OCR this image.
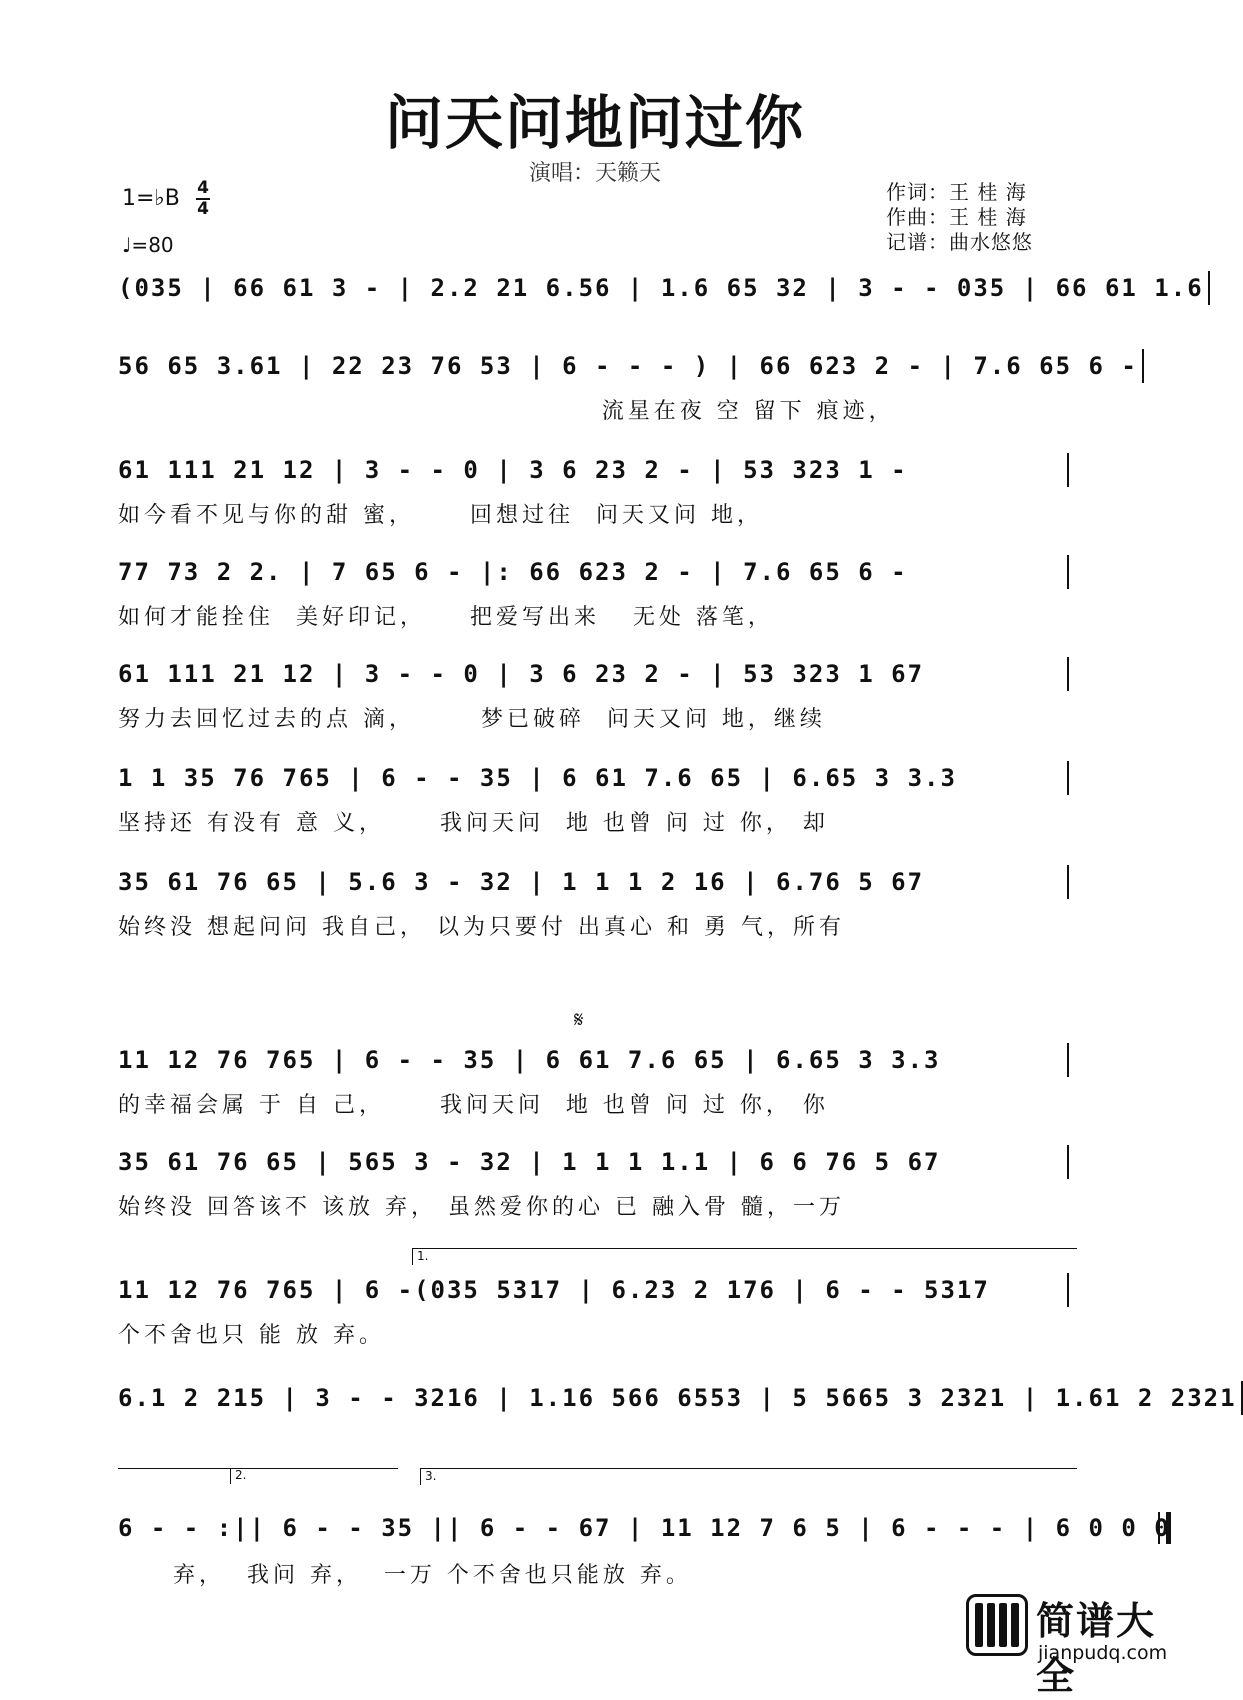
问天问地问过你
演唱：天籁天
1=♭B 4
4
♩=80
作词：王 桂 海
作曲：王 桂 海
记谱：曲水悠悠
(035 | 66 61 3 - | 2.2 21 6.56 | 1.6 65 32 | 3 - - 035 | 66 61 1.6
56 65 3.61 | 22 23 76 53 | 6 - - - ) | 66 623 2 - | 7.6 65 6 -
流星在夜 空 留下 痕迹，
61 111 21 12 | 3 - - 0 | 3 6 23 2 - | 53 323 1 -
如今看不见与你的甜 蜜，     回想过往  问天又问 地，
77 73 2 2. | 7 65 6 - |: 66 623 2 - | 7.6 65 6 -
如何才能拴住  美好印记，    把爱写出来   无处 落笔，
61 111 21 12 | 3 - - 0 | 3 6 23 2 - | 53 323 1 67
努力去回忆过去的点 滴，      梦已破碎  问天又问 地，继续
1 1 35 76 765 | 6 - - 35 | 6 61 7.6 65 | 6.65 3 3.3
坚持还 有没有 意 义，     我问天问  地 也曾 问 过 你， 却
35 61 76 65 | 5.6 3 - 32 | 1 1 1 2 16 | 6.76 5 67
始终没 想起问问 我自己， 以为只要付 出真心 和 勇 气，所有
𝄋
11 12 76 765 | 6 - - 35 | 6 61 7.6 65 | 6.65 3 3.3
的幸福会属 于 自 己，     我问天问  地 也曾 问 过 你， 你
35 61 76 65 | 565 3 - 32 | 1 1 1 1.1 | 6 6 76 5 67
始终没 回答该不 该放 弃， 虽然爱你的心 已 融入骨 髓，一万
1.
11 12 76 765 | 6 -(035 5317 | 6.23 2 176 | 6 - - 5317
个不舍也只 能 放 弃。
6.1 2 215 | 3 - - 3216 | 1.16 566 6553 | 5 5665 3 2321 | 1.61 2 2321
2.	3.
6 - - :|| 6 - - 35 || 6 - - 67 | 11 12 7 6 5 | 6 - - - | 6 0 0 0
弃，  我问 弃，  一万 个不舍也只能放 弃。
简谱大全
jianpudq.com
